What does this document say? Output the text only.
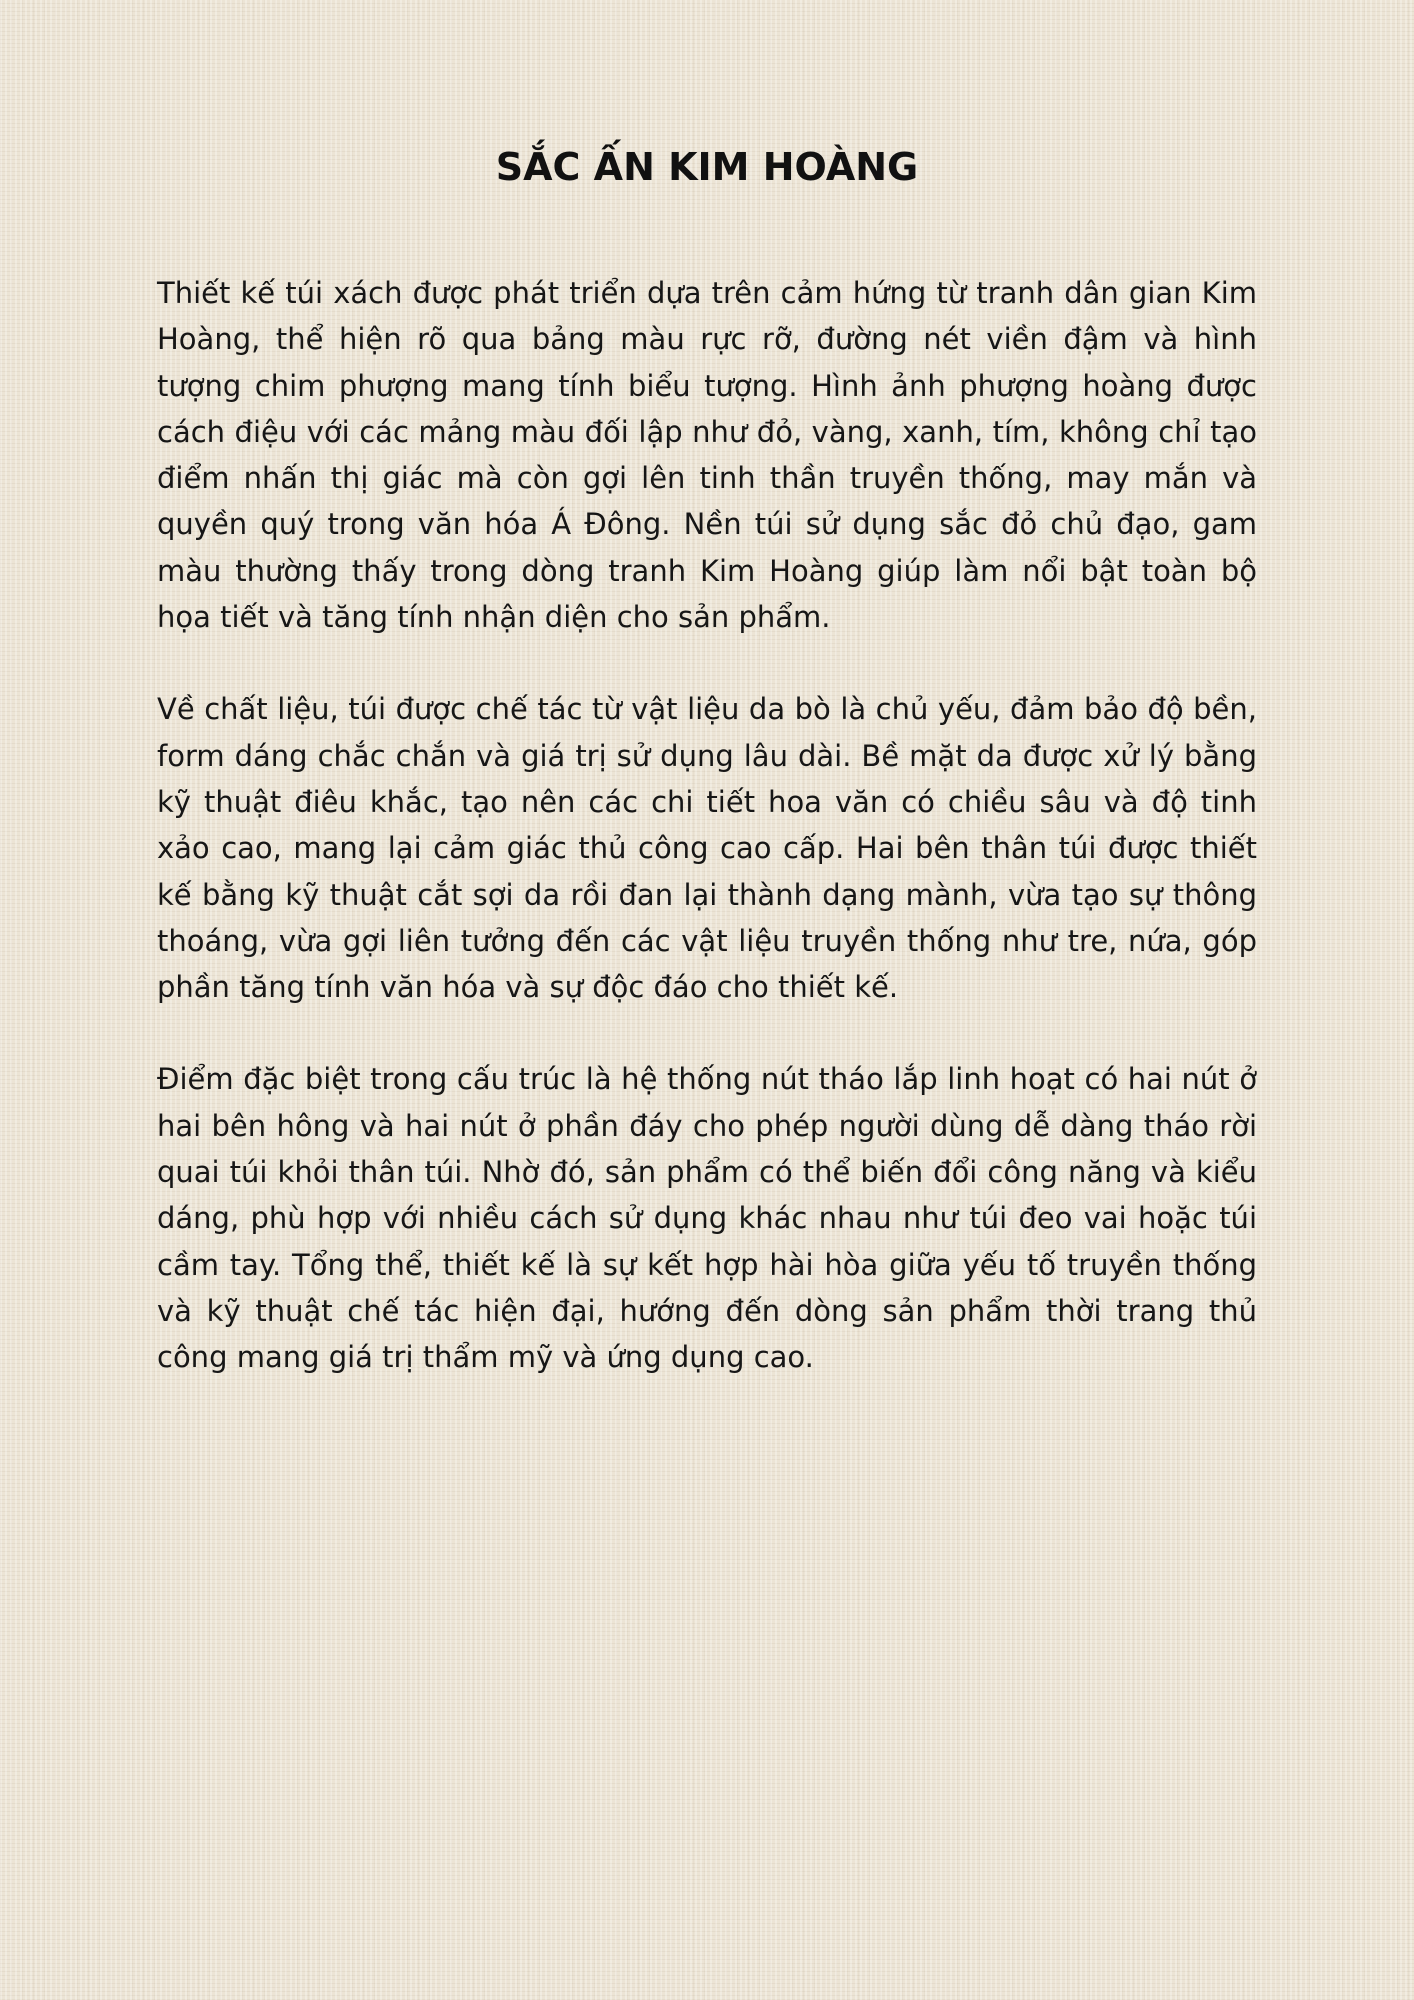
SẮC ẤN KIM HOÀNG

Thiết kế túi xách được phát triển dựa trên cảm hứng từ tranh dân gian Kim Hoàng, thể hiện rõ qua bảng màu rực rỡ, đường nét viền đậm và hình tượng chim phượng mang tính biểu tượng. Hình ảnh phượng hoàng được cách điệu với các mảng màu đối lập như đỏ, vàng, xanh, tím, không chỉ tạo điểm nhấn thị giác mà còn gợi lên tinh thần truyền thống, may mắn và quyền quý trong văn hóa Á Đông. Nền túi sử dụng sắc đỏ chủ đạo, gam màu thường thấy trong dòng tranh Kim Hoàng giúp làm nổi bật toàn bộ họa tiết và tăng tính nhận diện cho sản phẩm.

Về chất liệu, túi được chế tác từ vật liệu da bò là chủ yếu, đảm bảo độ bền, form dáng chắc chắn và giá trị sử dụng lâu dài. Bề mặt da được xử lý bằng kỹ thuật điêu khắc, tạo nên các chi tiết hoa văn có chiều sâu và độ tinh xảo cao, mang lại cảm giác thủ công cao cấp. Hai bên thân túi được thiết kế bằng kỹ thuật cắt sợi da rồi đan lại thành dạng mành, vừa tạo sự thông thoáng, vừa gợi liên tưởng đến các vật liệu truyền thống như tre, nứa, góp phần tăng tính văn hóa và sự độc đáo cho thiết kế.

Điểm đặc biệt trong cấu trúc là hệ thống nút tháo lắp linh hoạt có hai nút ở hai bên hông và hai nút ở phần đáy cho phép người dùng dễ dàng tháo rời quai túi khỏi thân túi. Nhờ đó, sản phẩm có thể biến đổi công năng và kiểu dáng, phù hợp với nhiều cách sử dụng khác nhau như túi đeo vai hoặc túi cầm tay. Tổng thể, thiết kế là sự kết hợp hài hòa giữa yếu tố truyền thống và kỹ thuật chế tác hiện đại, hướng đến dòng sản phẩm thời trang thủ công mang giá trị thẩm mỹ và ứng dụng cao.
